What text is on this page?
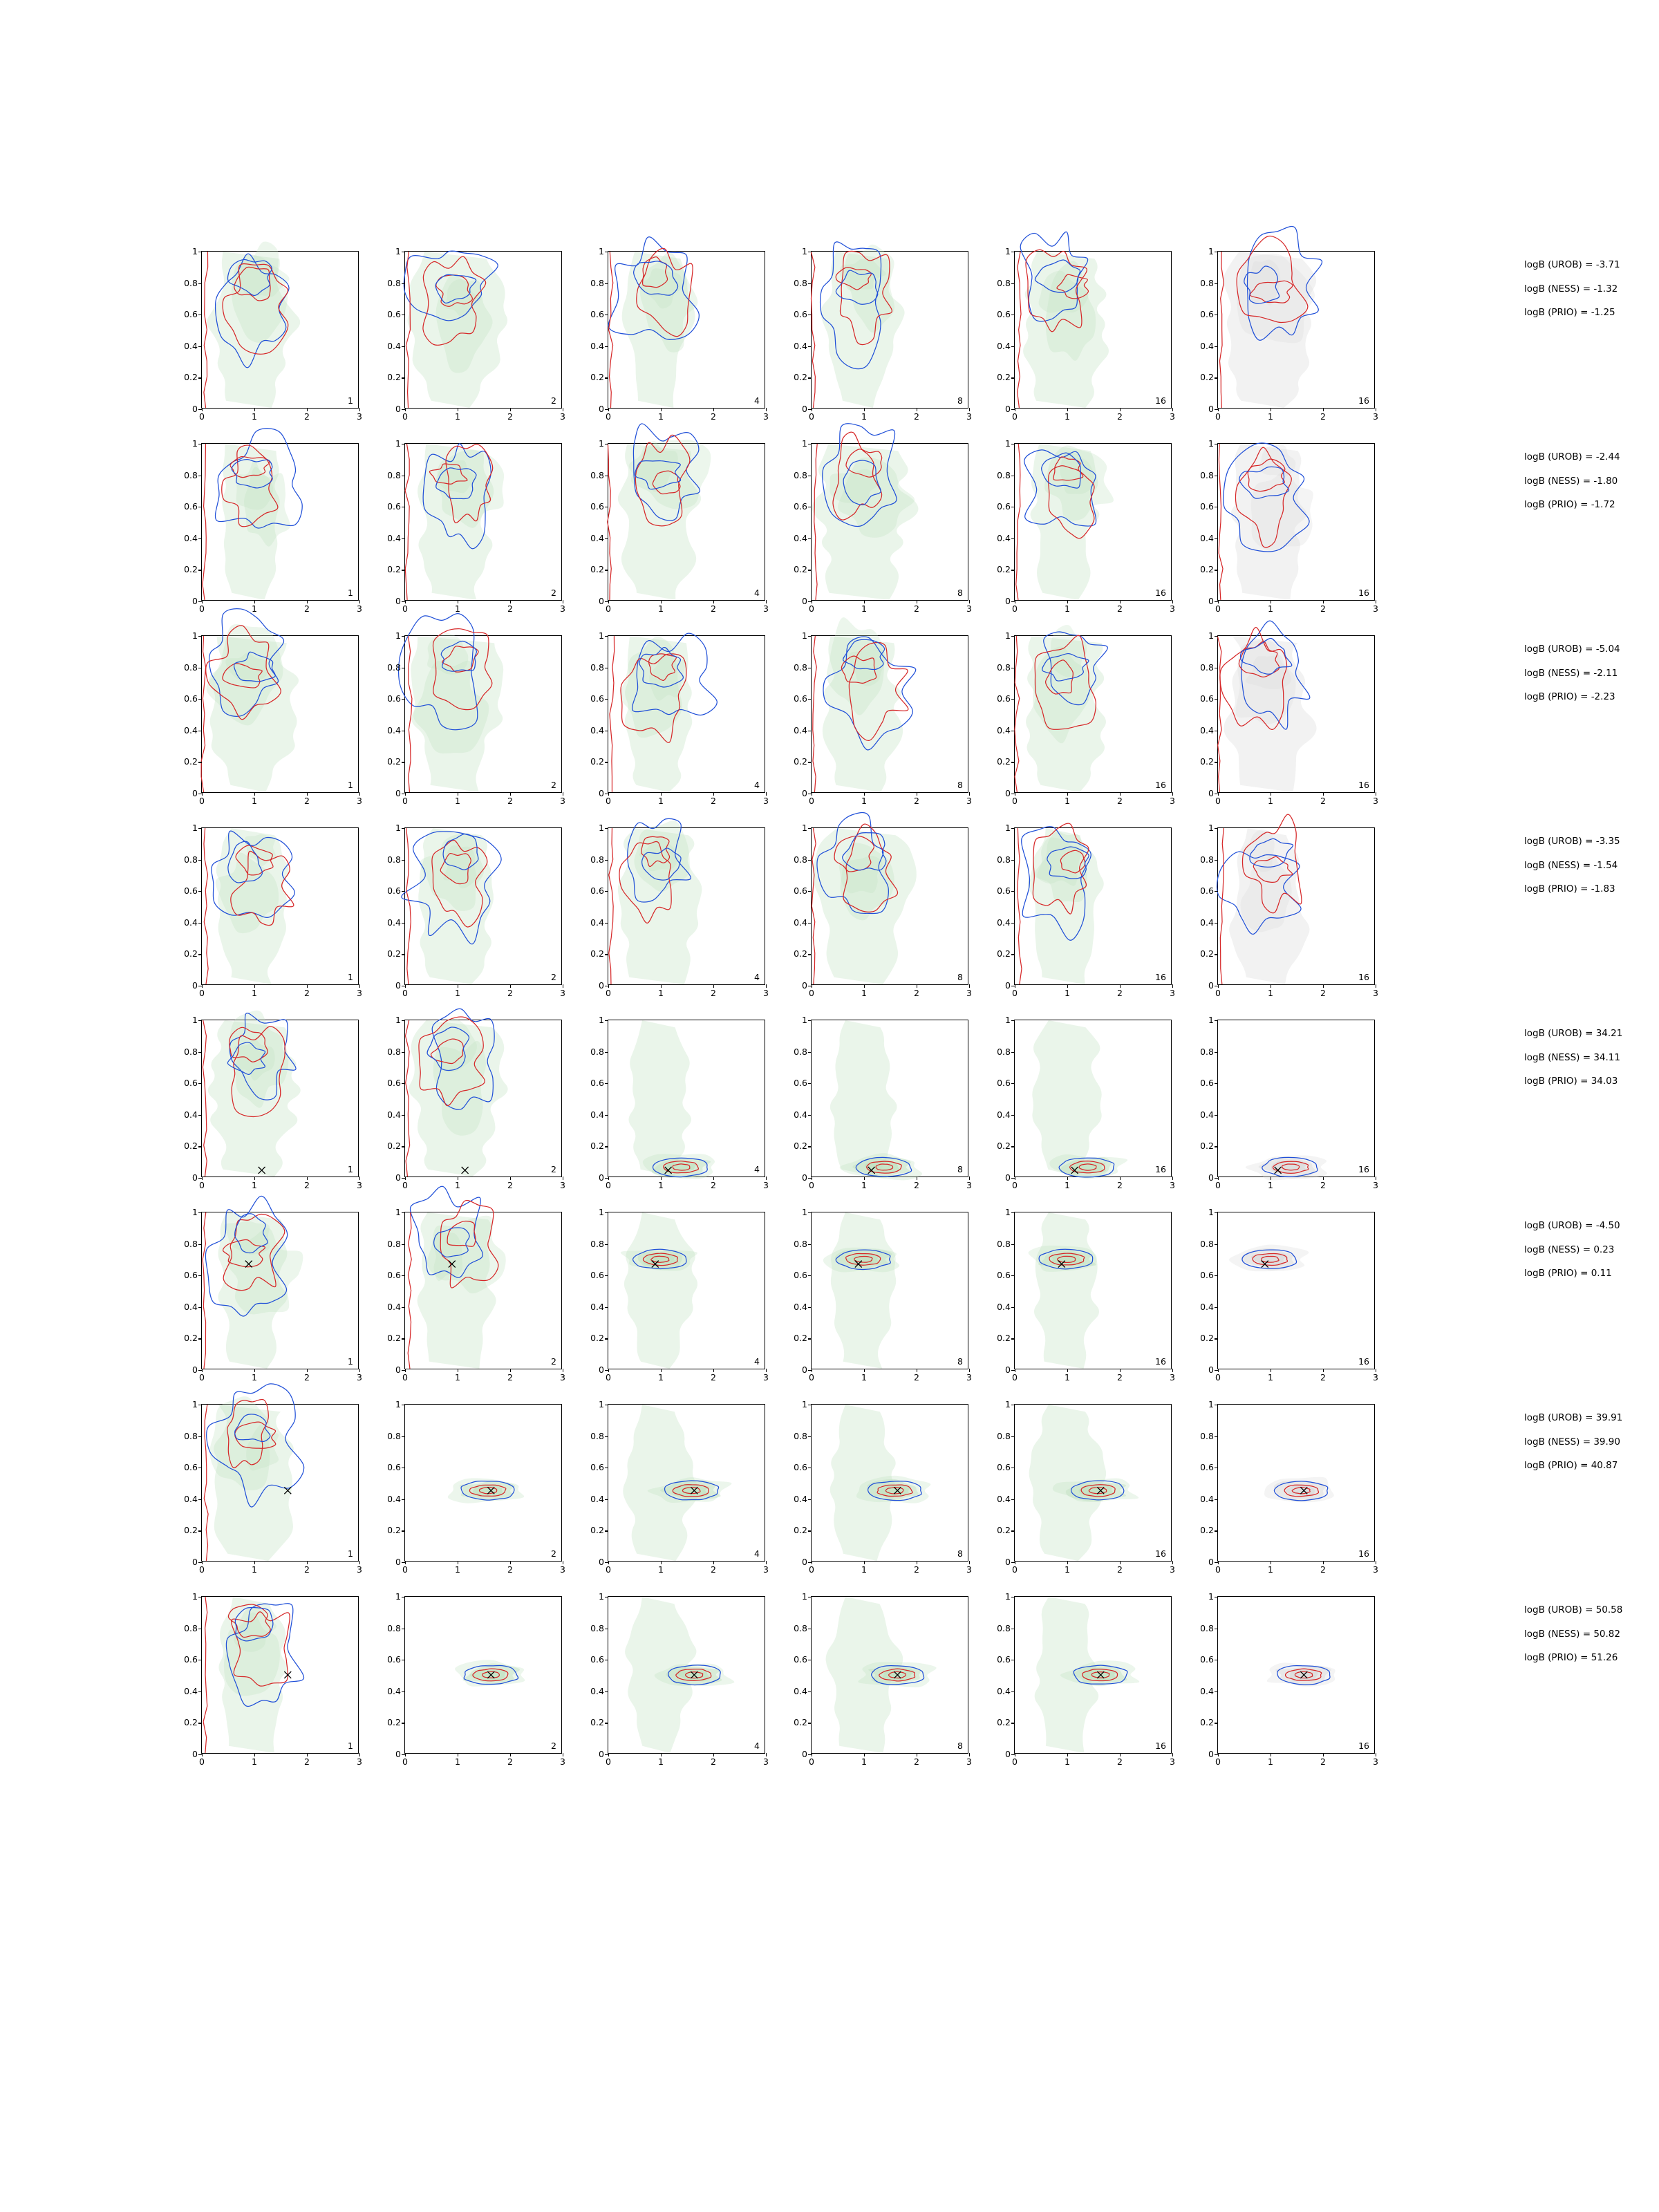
1
0
0.2
0.4
0.6
0.8
1
0	1	2	3
2
0
0.2
0.4
0.6
0.8
1
0	1	2	3
4
0
0.2
0.4
0.6
0.8
1
0	1	2	3
8
0
0.2
0.4
0.6
0.8
1
0	1	2	3
16
0
0.2
0.4
0.6
0.8
1
0	1	2	3
16
0
0.2
0.4
0.6
0.8
1
0	1	2	3
1
0
0.2
0.4
0.6
0.8
1
0	1	2	3
2
0
0.2
0.4
0.6
0.8
1
0	1	2	3
4
0
0.2
0.4
0.6
0.8
1
0	1	2	3
8
0
0.2
0.4
0.6
0.8
1
0	1	2	3
16
0
0.2
0.4
0.6
0.8
1
0	1	2	3
16
0
0.2
0.4
0.6
0.8
1
0	1	2	3
1
0
0.2
0.4
0.6
0.8
1
0	1	2	3
2
0
0.2
0.4
0.6
0.8
1
0	1	2	3
4
0
0.2
0.4
0.6
0.8
1
0	1	2	3
8
0
0.2
0.4
0.6
0.8
1
0	1	2	3
16
0
0.2
0.4
0.6
0.8
1
0	1	2	3
16
0
0.2
0.4
0.6
0.8
1
0	1	2	3
1
0
0.2
0.4
0.6
0.8
1
0	1	2	3
2
0
0.2
0.4
0.6
0.8
1
0	1	2	3
4
0
0.2
0.4
0.6
0.8
1
0	1	2	3
8
0
0.2
0.4
0.6
0.8
1
0	1	2	3
16
0
0.2
0.4
0.6
0.8
1
0	1	2	3
16
0
0.2
0.4
0.6
0.8
1
0	1	2	3
1
0
0.2
0.4
0.6
0.8
1
0	1	2	3
2
0
0.2
0.4
0.6
0.8
1
0	1	2	3
4
0
0.2
0.4
0.6
0.8
1
0	1	2	3
8
0
0.2
0.4
0.6
0.8
1
0	1	2	3
16
0
0.2
0.4
0.6
0.8
1
0	1	2	3
16
0
0.2
0.4
0.6
0.8
1
0	1	2	3
1
0
0.2
0.4
0.6
0.8
1
0	1	2	3
2
0
0.2
0.4
0.6
0.8
1
0	1	2	3
4
0
0.2
0.4
0.6
0.8
1
0	1	2	3
8
0
0.2
0.4
0.6
0.8
1
0	1	2	3
16
0
0.2
0.4
0.6
0.8
1
0	1	2	3
16
0
0.2
0.4
0.6
0.8
1
0	1	2	3
1
0
0.2
0.4
0.6
0.8
1
0	1	2	3
2
0
0.2
0.4
0.6
0.8
1
0	1	2	3
4
0
0.2
0.4
0.6
0.8
1
0	1	2	3
8
0
0.2
0.4
0.6
0.8
1
0	1	2	3
16
0
0.2
0.4
0.6
0.8
1
0	1	2	3
16
0
0.2
0.4
0.6
0.8
1
0	1	2	3
1
0
0.2
0.4
0.6
0.8
1
0	1	2	3
2
0
0.2
0.4
0.6
0.8
1
0	1	2	3
4
0
0.2
0.4
0.6
0.8
1
0	1	2	3
8
0
0.2
0.4
0.6
0.8
1
0	1	2	3
16
0
0.2
0.4
0.6
0.8
1
0	1	2	3
16
0
0.2
0.4
0.6
0.8
1
0	1	2	3
logB (UROB) = -3.71
logB (NESS) = -1.32
logB (PRIO) = -1.25
logB (UROB) = -2.44
logB (NESS) = -1.80
logB (PRIO) = -1.72
logB (UROB) = -5.04
logB (NESS) = -2.11
logB (PRIO) = -2.23
logB (UROB) = -3.35
logB (NESS) = -1.54
logB (PRIO) = -1.83
logB (UROB) = 34.21
logB (NESS) = 34.11
logB (PRIO) = 34.03
logB (UROB) = -4.50
logB (NESS) = 0.23
logB (PRIO) = 0.11
logB (UROB) = 39.91
logB (NESS) = 39.90
logB (PRIO) = 40.87
logB (UROB) = 50.58
logB (NESS) = 50.82
logB (PRIO) = 51.26
